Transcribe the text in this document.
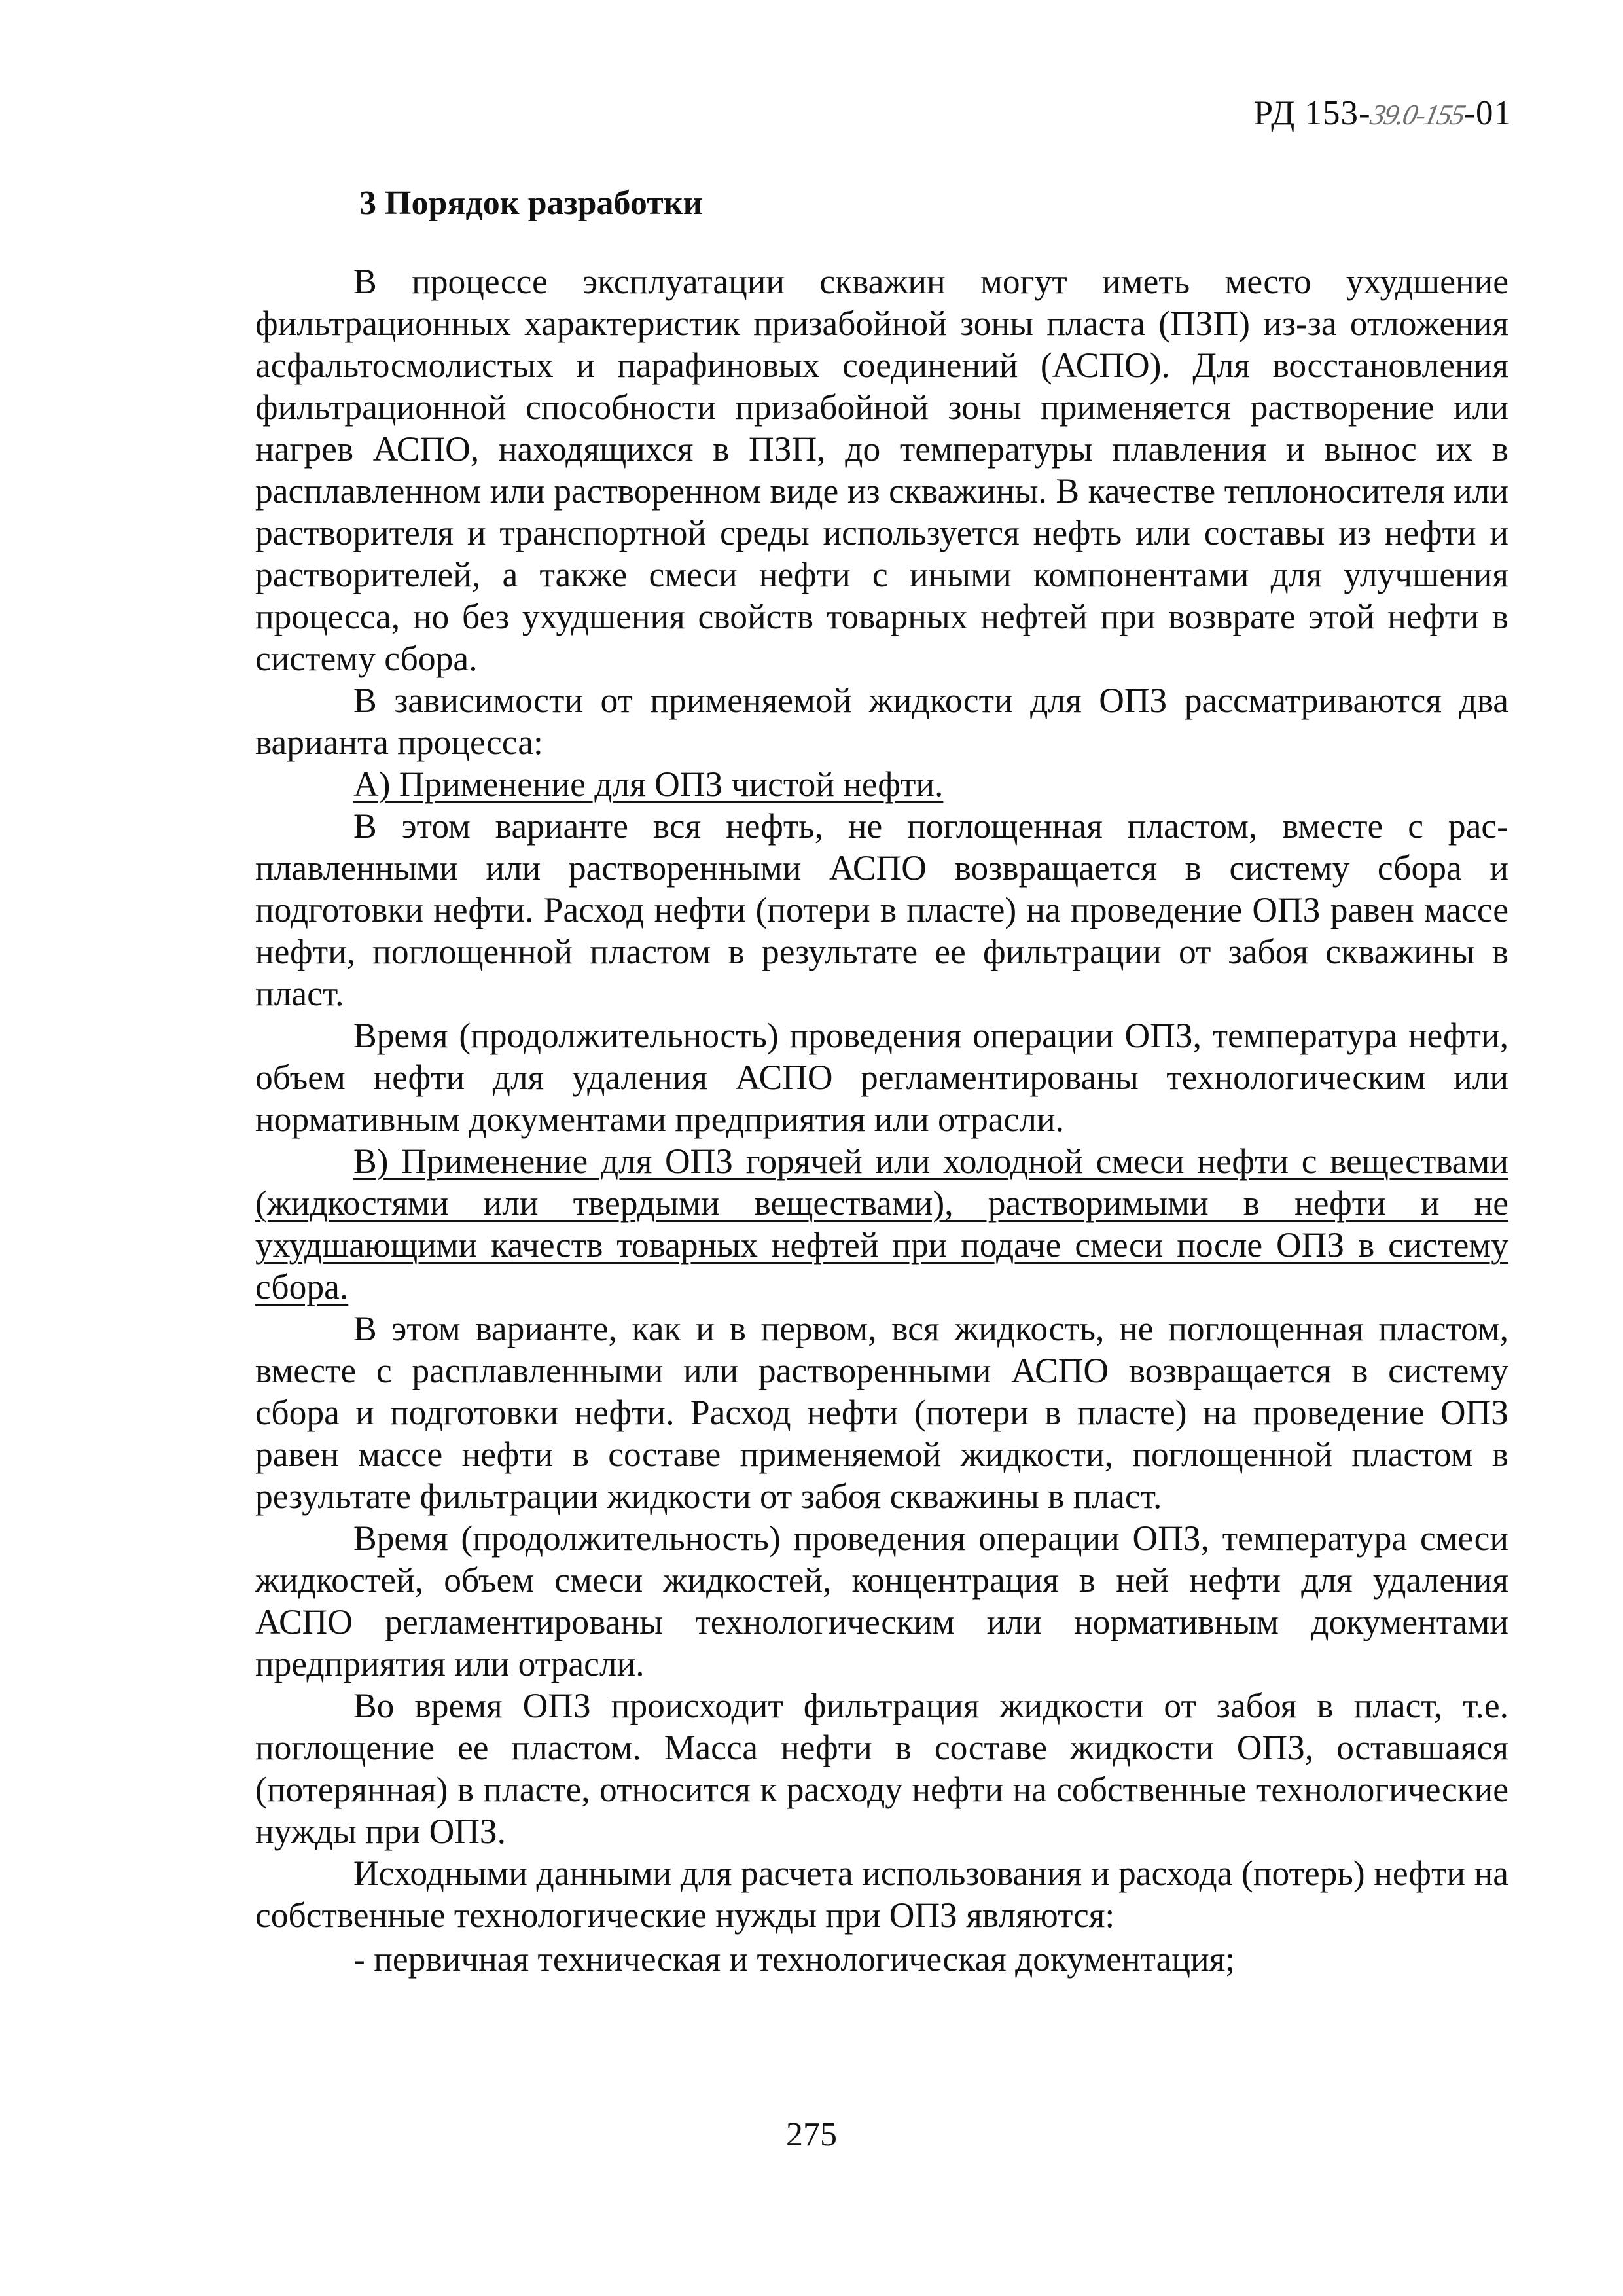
РД 153-39.0-155-01
3 Порядок разработки

В процессе эксплуатации скважин могут иметь место ухудшение фильтрационных характеристик призабойной зоны пласта (ПЗП) из-за отложения асфальтосмолистых и парафиновых соединений (АСПО). Для восстановления фильтрационной способности призабойной зоны применяется растворение или нагрев АСПО, находящихся в ПЗП, до температуры плавления и вынос их в расплавленном или растворенном виде из скважины. В качестве теплоносителя или растворителя и транспортной среды используется нефть или составы из нефти и растворителей, а также смеси нефти с иными компонентами для улучшения процесса, но без ухудшения свойств товарных нефтей при возврате этой нефти в систему сбора.

В зависимости от применяемой жидкости для ОПЗ рассматриваются два варианта процесса:

А) Применение для ОПЗ чистой нефти.

В этом варианте вся нефть, не поглощенная пластом, вместе с расплавленными или растворенными АСПО возвращается в систему сбора и подготовки нефти. Расход нефти (потери в пласте) на проведение ОПЗ равен массе нефти, поглощенной пластом в результате ее фильтрации от забоя скважины в пласт.

Время (продолжительность) проведения операции ОПЗ, температура нефти, объем нефти для удаления АСПО регламентированы технологическим или нормативным документами предприятия или отрасли.

В) Применение для ОПЗ горячей или холодной смеси нефти с веществами (жидкостями или твердыми веществами), растворимыми в нефти и не ухудшающими качеств товарных нефтей при подаче смеси после ОПЗ в систему сбора.

В этом варианте, как и в первом, вся жидкость, не поглощенная пластом, вместе с расплавленными или растворенными АСПО возвращается в систему сбора и подготовки нефти. Расход нефти (потери в пласте) на проведение ОПЗ равен массе нефти в составе применяемой жидкости, поглощенной пластом в результате фильтрации жидкости от забоя скважины в пласт.

Время (продолжительность) проведения операции ОПЗ, температура смеси жидкостей, объем смеси жидкостей, концентрация в ней нефти для удаления АСПО регламентированы технологическим или нормативным документами предприятия или отрасли.

Во время ОПЗ происходит фильтрация жидкости от забоя в пласт, т.е. поглощение ее пластом. Масса нефти в составе жидкости ОПЗ, оставшаяся (потерянная) в пласте, относится к расходу нефти на собственные технологические нужды при ОПЗ.

Исходными данными для расчета использования и расхода (потерь) нефти на собственные технологические нужды при ОПЗ являются:

- первичная техническая и технологическая документация;

275
